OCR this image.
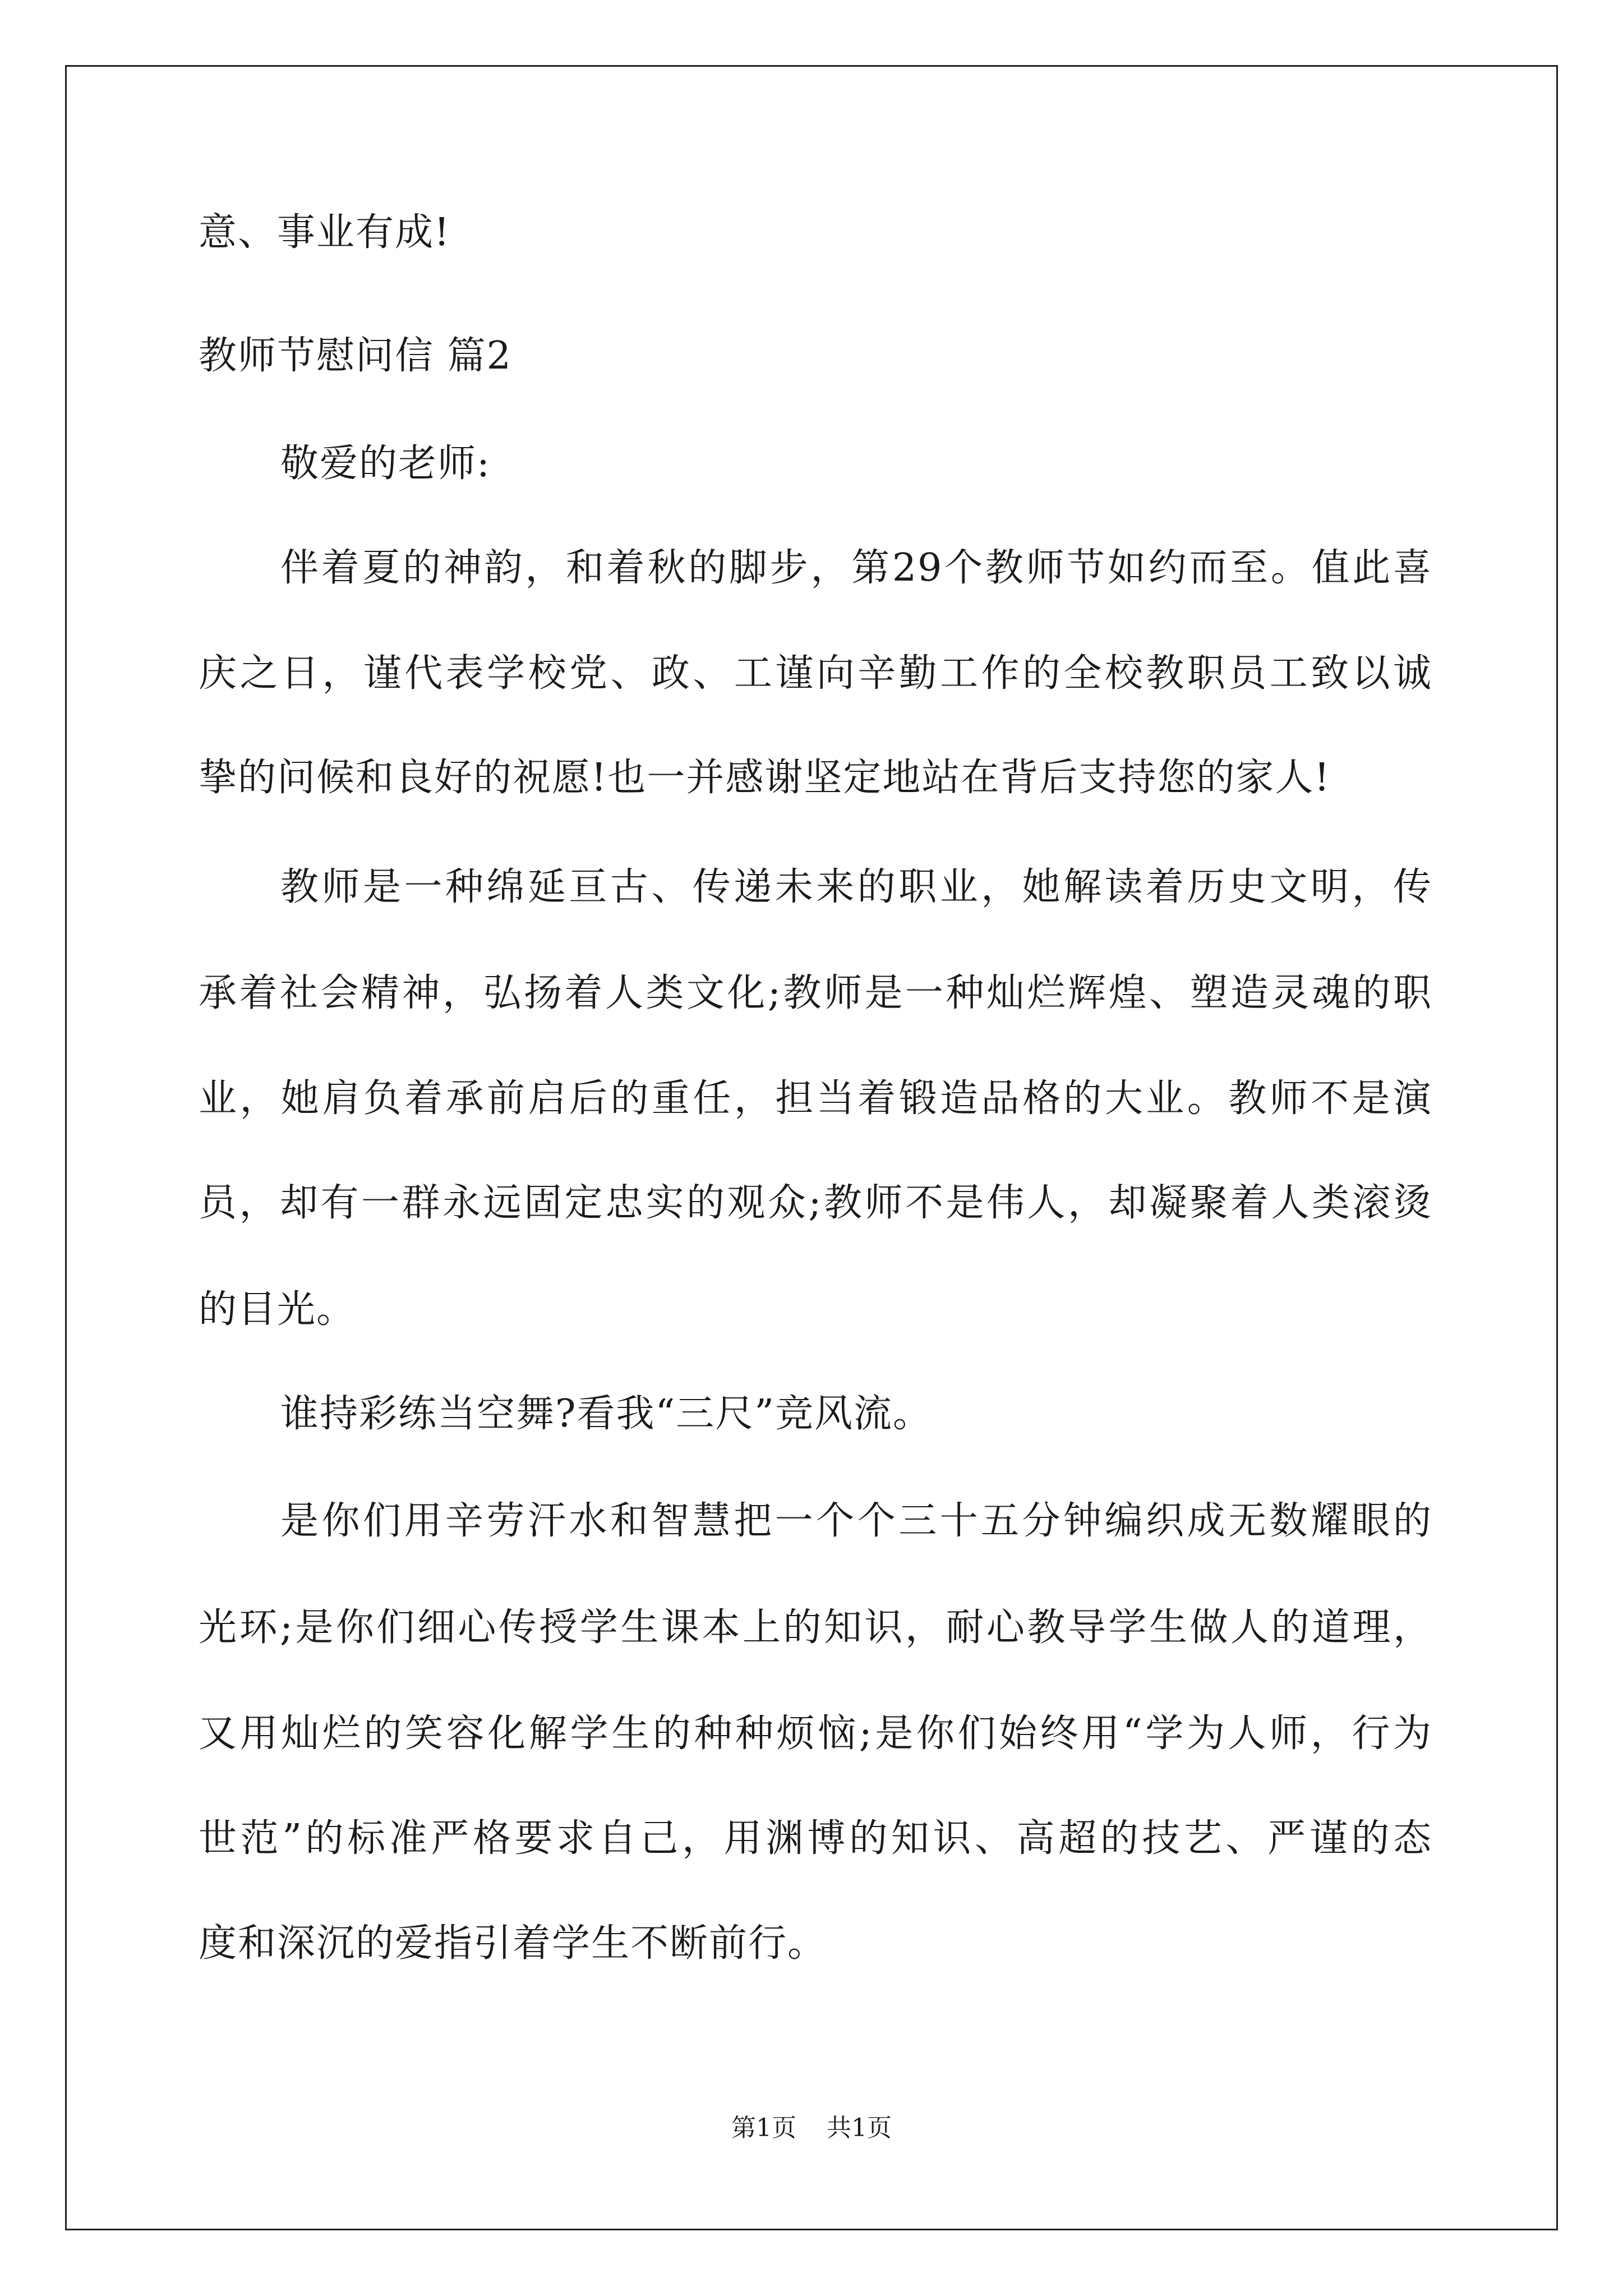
意、事业有成!
教师节慰问信 篇2
敬爱的老师:
伴着夏的神韵，和着秋的脚步，第29个教师节如约而至。值此喜
庆之日，谨代表学校党、政、工谨向辛勤工作的全校教职员工致以诚
挚的问候和良好的祝愿!也一并感谢坚定地站在背后支持您的家人!
教师是一种绵延亘古、传递未来的职业，她解读着历史文明，传
承着社会精神，弘扬着人类文化;教师是一种灿烂辉煌、塑造灵魂的职
业，她肩负着承前启后的重任，担当着锻造品格的大业。教师不是演
员，却有一群永远固定忠实的观众;教师不是伟人，却凝聚着人类滚烫
的目光。
谁持彩练当空舞?看我“三尺”竞风流。
是你们用辛劳汗水和智慧把一个个三十五分钟编织成无数耀眼的
光环;是你们细心传授学生课本上的知识，耐心教导学生做人的道理，
又用灿烂的笑容化解学生的种种烦恼;是你们始终用“学为人师，行为
世范”的标准严格要求自己，用渊博的知识、高超的技艺、严谨的态
度和深沉的爱指引着学生不断前行。
第1页 共1页
